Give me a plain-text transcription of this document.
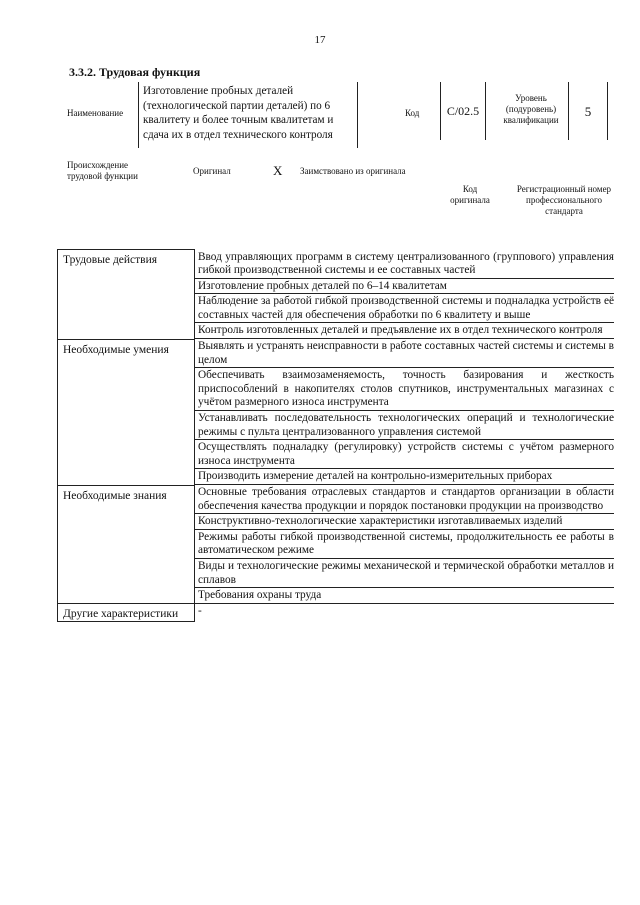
17
3.3.2. Трудовая функция
Наименование
Изготовление пробных деталей (технологической партии деталей) по 6 квалитету и более точным квалитетам и сдача их в отдел технического контроля
Код	C/02.5
Уровень (подуровень) квалификации
5
Происхождение трудовой функции	Оригинал	X Заимствовано из оригинала
Код оригинала
Регистрационный номер профессионального стандарта
Трудовые действия	Ввод управляющих программ в систему централизованного (группового) управления гибкой производственной системы и ее составных частей
Изготовление пробных деталей по 6–14 квалитетам
Наблюдение за работой гибкой производственной системы и подналадка устройств её составных частей для обеспечения обработки по 6 квалитету и выше
Контроль изготовленных деталей и предъявление их в отдел технического контроля

Необходимые умения	Выявлять и устранять неисправности в работе составных частей системы и системы в целом
Обеспечивать взаимозаменяемость, точность базирования и жесткость приспособлений в накопителях столов спутников, инструментальных магазинах с учётом размерного износа инструмента
Устанавливать последовательность технологических операций и технологические режимы с пульта централизованного управления системой
Осуществлять подналадку (регулировку) устройств системы с учётом размерного износа инструмента
Производить измерение деталей на контрольно-измерительных приборах

Необходимые знания	Основные требования отраслевых стандартов и стандартов организации в области обеспечения качества продукции и порядок постановки продукции на производство
Конструктивно-технологические характеристики изготавливаемых изделий
Режимы работы гибкой производственной системы, продолжительность ее работы в автоматическом режиме
Виды и технологические режимы механической и термической обработки металлов и сплавов
Требования охраны труда

Другие характеристики	-
